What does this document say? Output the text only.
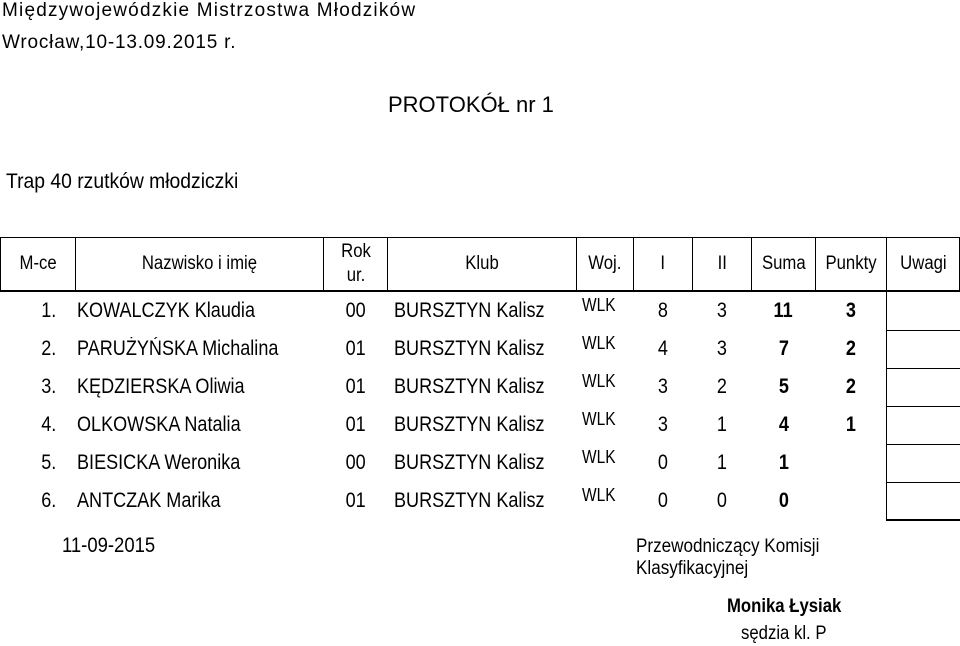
Międzywojewódzkie Mistrzostwa Młodzików
Wrocław,10-13.09.2015 r.
PROTOKÓŁ nr 1
Trap 40 rzutków młodziczki
M-ce	Nazwisko i imię	Rok ur.	Klub	Woj.	I	II	Suma	Punkty	Uwagi
1.	KOWALCZYK Klaudia	00	BURSZTYN Kalisz	WLK	8	3	11	3	
2.	PARUŻYŃSKA Michalina	01	BURSZTYN Kalisz	WLK	4	3	7	2	
3.	KĘDZIERSKA Oliwia	01	BURSZTYN Kalisz	WLK	3	2	5	2	
4.	OLKOWSKA Natalia	01	BURSZTYN Kalisz	WLK	3	1	4	1	
5.	BIESICKA Weronika	00	BURSZTYN Kalisz	WLK	0	1	1		
6.	ANTCZAK Marika	01	BURSZTYN Kalisz	WLK	0	0	0		
11-09-2015	Przewodniczący Komisji Klasyfikacyjnej
Monika Łysiak
sędzia kl. P
